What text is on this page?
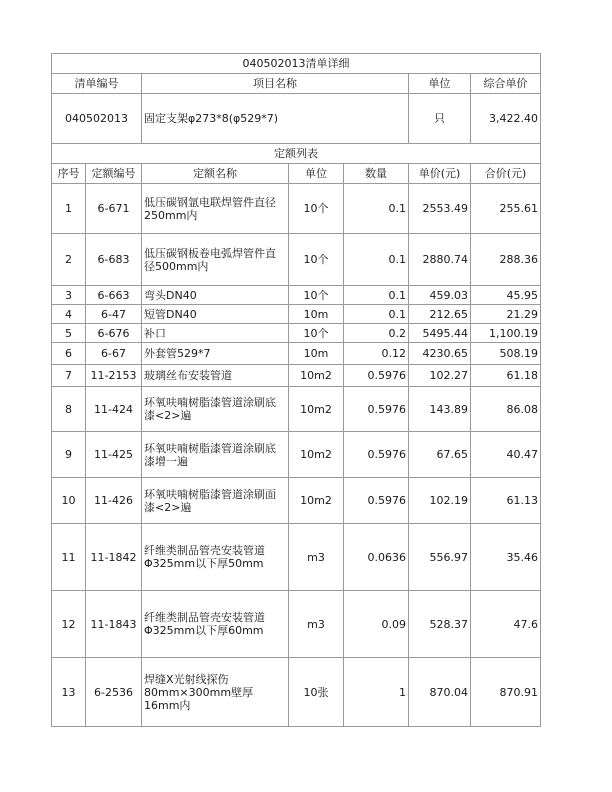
040502013清单详细						
清单编号		项目名称			单位	综合单价
040502013		固定支架φ273*8(φ529*7)			只	3,422.40
定额列表						
序号	定额编号	定额名称	单位	数量	单价(元)	合价(元)
1	6-671	低压碳钢氩电联焊管件直径250mm内	10个	0.1	2553.49	255.61
2	6-683	低压碳钢板卷电弧焊管件直径500mm内	10个	0.1	2880.74	288.36
3	6-663	弯头DN40	10个	0.1	459.03	45.95
4	6-47	短管DN40	10m	0.1	212.65	21.29
5	6-676	补口	10个	0.2	5495.44	1,100.19
6	6-67	外套管529*7	10m	0.12	4230.65	508.19
7	11-2153	玻璃丝布安装管道	10m2	0.5976	102.27	61.18
8	11-424	环氧呋喃树脂漆管道涂刷底漆<2>遍	10m2	0.5976	143.89	86.08
9	11-425	环氧呋喃树脂漆管道涂刷底漆增一遍	10m2	0.5976	67.65	40.47
10	11-426	环氧呋喃树脂漆管道涂刷面漆<2>遍	10m2	0.5976	102.19	61.13
11	11-1842	纤维类制品管壳安装管道Φ325mm以下厚50mm	m3	0.0636	556.97	35.46
12	11-1843	纤维类制品管壳安装管道Φ325mm以下厚60mm	m3	0.09	528.37	47.6
13	6-2536	焊缝X光射线探伤80mm×300mm壁厚16mm内	10张	1	870.04	870.91
